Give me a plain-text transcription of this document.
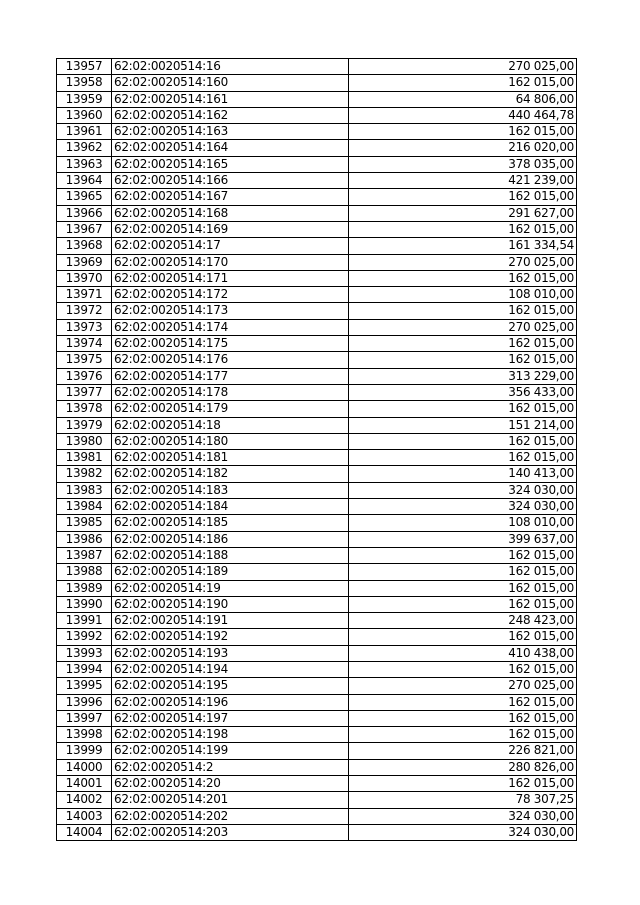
13957	62:02:0020514:16	270 025,00
13958	62:02:0020514:160	162 015,00
13959	62:02:0020514:161	64 806,00
13960	62:02:0020514:162	440 464,78
13961	62:02:0020514:163	162 015,00
13962	62:02:0020514:164	216 020,00
13963	62:02:0020514:165	378 035,00
13964	62:02:0020514:166	421 239,00
13965	62:02:0020514:167	162 015,00
13966	62:02:0020514:168	291 627,00
13967	62:02:0020514:169	162 015,00
13968	62:02:0020514:17	161 334,54
13969	62:02:0020514:170	270 025,00
13970	62:02:0020514:171	162 015,00
13971	62:02:0020514:172	108 010,00
13972	62:02:0020514:173	162 015,00
13973	62:02:0020514:174	270 025,00
13974	62:02:0020514:175	162 015,00
13975	62:02:0020514:176	162 015,00
13976	62:02:0020514:177	313 229,00
13977	62:02:0020514:178	356 433,00
13978	62:02:0020514:179	162 015,00
13979	62:02:0020514:18	151 214,00
13980	62:02:0020514:180	162 015,00
13981	62:02:0020514:181	162 015,00
13982	62:02:0020514:182	140 413,00
13983	62:02:0020514:183	324 030,00
13984	62:02:0020514:184	324 030,00
13985	62:02:0020514:185	108 010,00
13986	62:02:0020514:186	399 637,00
13987	62:02:0020514:188	162 015,00
13988	62:02:0020514:189	162 015,00
13989	62:02:0020514:19	162 015,00
13990	62:02:0020514:190	162 015,00
13991	62:02:0020514:191	248 423,00
13992	62:02:0020514:192	162 015,00
13993	62:02:0020514:193	410 438,00
13994	62:02:0020514:194	162 015,00
13995	62:02:0020514:195	270 025,00
13996	62:02:0020514:196	162 015,00
13997	62:02:0020514:197	162 015,00
13998	62:02:0020514:198	162 015,00
13999	62:02:0020514:199	226 821,00
14000	62:02:0020514:2	280 826,00
14001	62:02:0020514:20	162 015,00
14002	62:02:0020514:201	78 307,25
14003	62:02:0020514:202	324 030,00
14004	62:02:0020514:203	324 030,00
